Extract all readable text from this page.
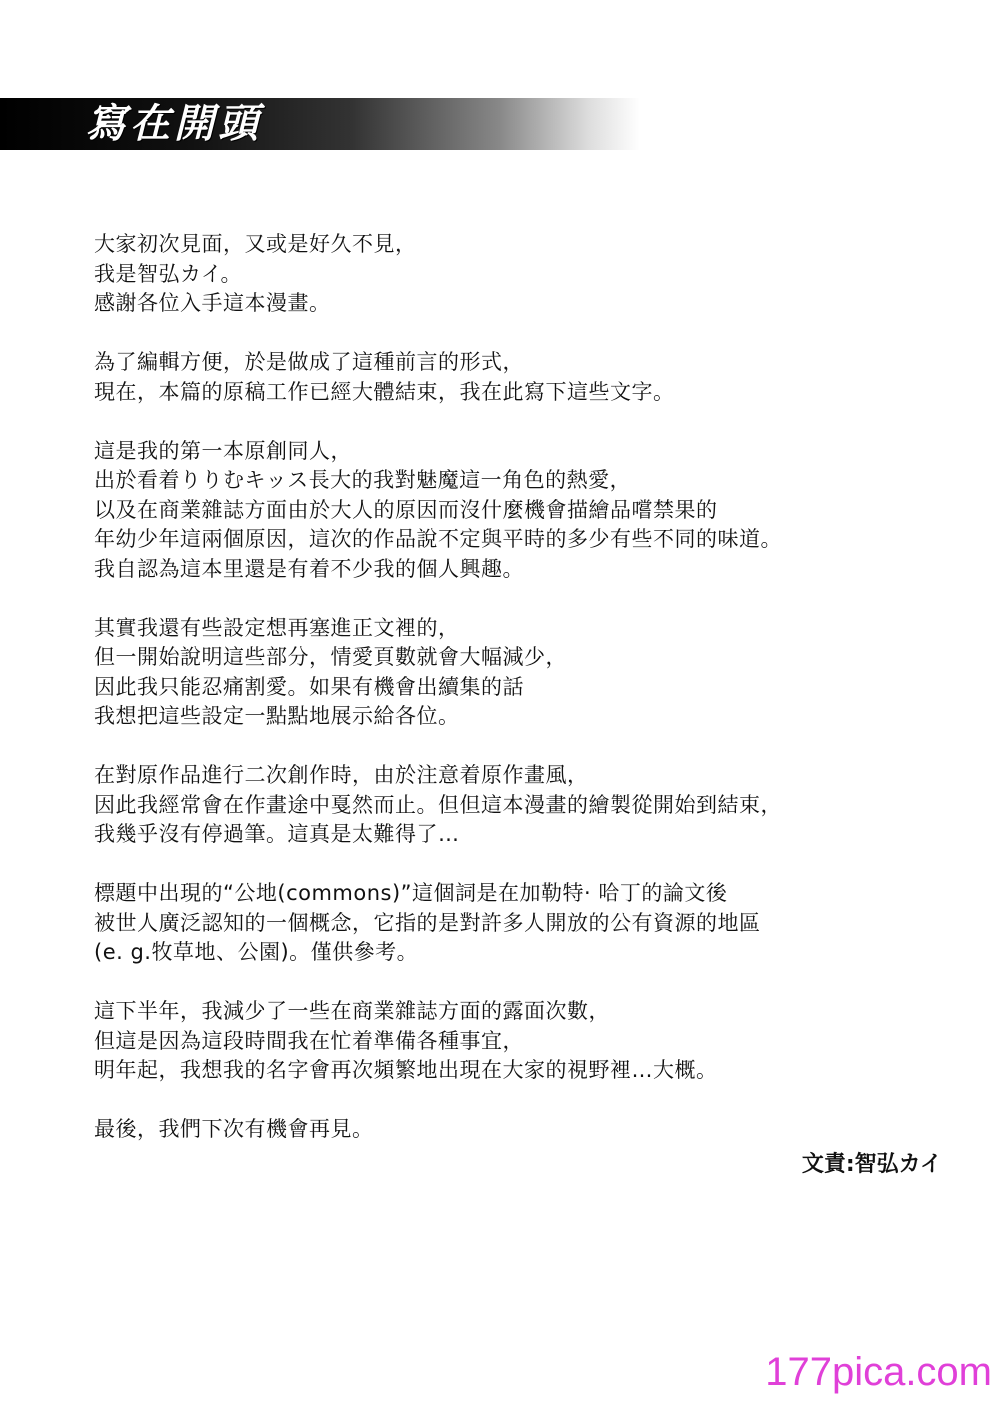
寫在開頭
大家初次見面，又或是好久不見，
我是智弘カイ。
感謝各位入手這本漫畫。
為了編輯方便，於是做成了這種前言的形式，
現在，本篇的原稿工作已經大體結束，我在此寫下這些文字。
這是我的第一本原創同人，
出於看着りりむキッス長大的我對魅魔這一角色的熱愛，
以及在商業雜誌方面由於大人的原因而沒什麼機會描繪品嚐禁果的
年幼少年這兩個原因，這次的作品說不定與平時的多少有些不同的味道。
我自認為這本里還是有着不少我的個人興趣。
其實我還有些設定想再塞進正文裡的，
但一開始說明這些部分，情愛頁數就會大幅減少，
因此我只能忍痛割愛。如果有機會出續集的話
我想把這些設定一點點地展示給各位。
在對原作品進行二次創作時，由於注意着原作畫風，
因此我經常會在作畫途中戛然而止。但但這本漫畫的繪製從開始到結束，
我幾乎沒有停過筆。這真是太難得了…
標題中出現的“公地(commons)”這個詞是在加勒特· 哈丁的論文後
被世人廣泛認知的一個概念，它指的是對許多人開放的公有資源的地區
(e. g.牧草地、公園)。僅供參考。
這下半年，我減少了一些在商業雜誌方面的露面次數，
但這是因為這段時間我在忙着準備各種事宜，
明年起，我想我的名字會再次頻繁地出現在大家的視野裡…大概。
最後，我們下次有機會再見。
文責:智弘カイ
177pica.com
